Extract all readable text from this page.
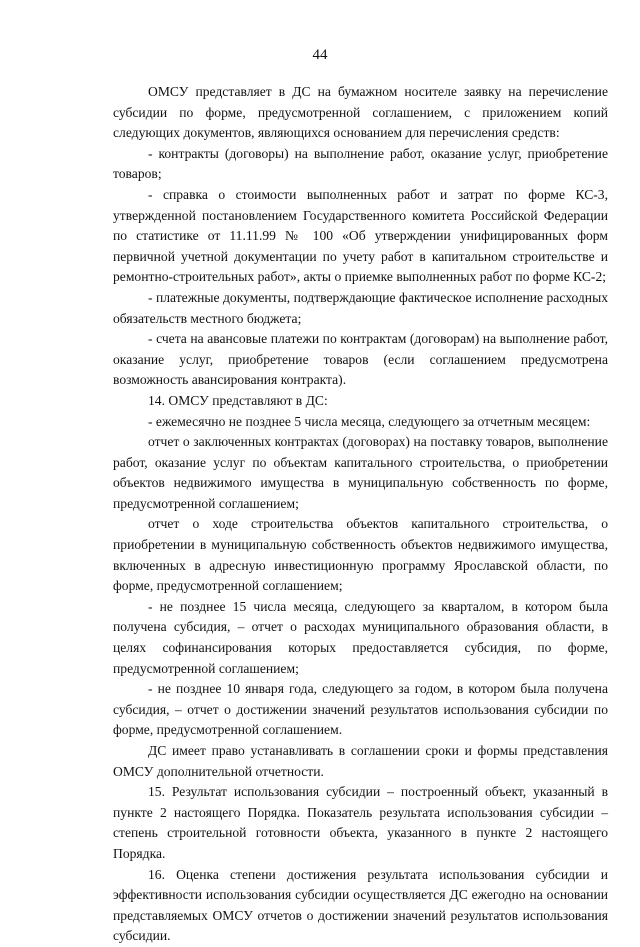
44

ОМСУ представляет в ДС на бумажном носителе заявку на перечисление субсидии по форме, предусмотренной соглашением, с приложением копий следующих документов, являющихся основанием для перечисления средств:

- контракты (договоры) на выполнение работ, оказание услуг, приобретение товаров;

- справка о стоимости выполненных работ и затрат по форме КС-3, утвержденной постановлением Государственного комитета Российской Федерации по статистике от 11.11.99 № 100 «Об утверждении унифицированных форм первичной учетной документации по учету работ в капитальном строительстве и ремонтно-строительных работ», акты о приемке выполненных работ по форме КС-2;

- платежные документы, подтверждающие фактическое исполнение расходных обязательств местного бюджета;

- счета на авансовые платежи по контрактам (договорам) на выполнение работ, оказание услуг, приобретение товаров (если соглашением предусмотрена возможность авансирования контракта).

14. ОМСУ представляют в ДС:

- ежемесячно не позднее 5 числа месяца, следующего за отчетным месяцем:

отчет о заключенных контрактах (договорах) на поставку товаров, выполнение работ, оказание услуг по объектам капитального строительства, о приобретении объектов недвижимого имущества в муниципальную собственность по форме, предусмотренной соглашением;

отчет о ходе строительства объектов капитального строительства, о приобретении в муниципальную собственность объектов недвижимого имущества, включенных в адресную инвестиционную программу Ярославской области, по форме, предусмотренной соглашением;

- не позднее 15 числа месяца, следующего за кварталом, в котором была получена субсидия, – отчет о расходах муниципального образования области, в целях софинансирования которых предоставляется субсидия, по форме, предусмотренной соглашением;

- не позднее 10 января года, следующего за годом, в котором была получена субсидия, – отчет о достижении значений результатов использования субсидии по форме, предусмотренной соглашением.

ДС имеет право устанавливать в соглашении сроки и формы представления ОМСУ дополнительной отчетности.

15. Результат использования субсидии – построенный объект, указанный в пункте 2 настоящего Порядка. Показатель результата использования субсидии – степень строительной готовности объекта, указанного в пункте 2 настоящего Порядка.

16. Оценка степени достижения результата использования субсидии и эффективности использования субсидии осуществляется ДС ежегодно на основании представляемых ОМСУ отчетов о достижении значений результатов использования субсидии.
